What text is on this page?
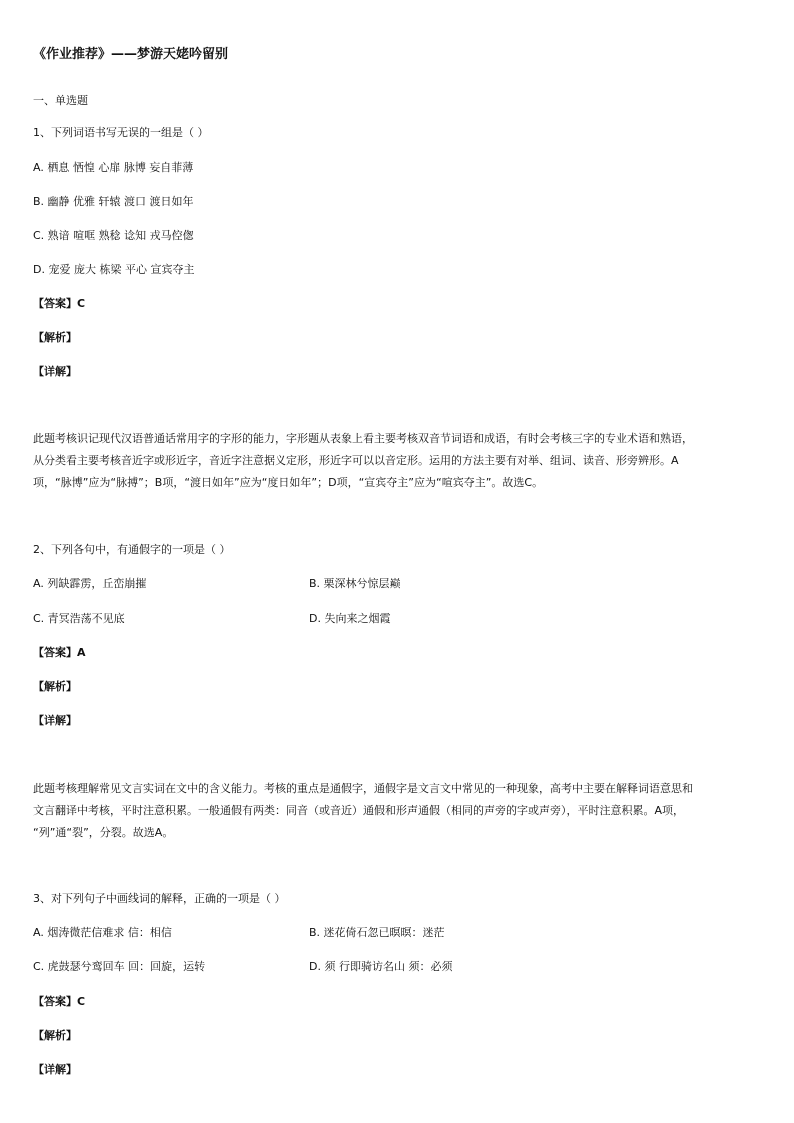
《作业推荐》——梦游天姥吟留别
一、单选题
1、下列词语书写无误的一组是（ ）
A. 栖息 恓惶 心扉 脉博 妄自菲薄
B. 幽静 优雅 轩辕 渡口 渡日如年
C. 熟谙 喧哐 熟稔 谂知 戎马倥偬
D. 宠爱 庞大 栋梁 平心 宣宾夺主
【答案】C
【解析】
【详解】

此题考核识记现代汉语普通话常用字的字形的能力，字形题从表象上看主要考核双音节词语和成语，有时会考核三字的专业术语和熟语，

从分类看主要考核音近字或形近字，音近字注意据义定形，形近字可以以音定形。运用的方法主要有对举、组词、读音、形旁辨形。A

项，“脉博”应为“脉搏”；B项，“渡日如年”应为“度日如年”；D项，“宣宾夺主”应为“喧宾夺主”。故选C。

2、下列各句中，有通假字的一项是（ ）
A. 列缺霹雳，丘峦崩摧	B. 栗深林兮惊层巅
C. 青冥浩荡不见底	D. 失向来之烟霞
【答案】A
【解析】
【详解】

此题考核理解常见文言实词在文中的含义能力。考核的重点是通假字，通假字是文言文中常见的一种现象，高考中主要在解释词语意思和

文言翻译中考核，平时注意积累。一般通假有两类：同音（或音近）通假和形声通假（相同的声旁的字或声旁），平时注意积累。A项，

“列”通“裂”，分裂。故选A。

3、对下列句子中画线词的解释，正确的一项是（ ）
A. 烟涛微茫信难求 信：相信	B. 迷花倚石忽已暝暝：迷茫
C. 虎鼓瑟兮鸾回车 回：回旋，运转	D. 须 行即骑访名山 须：必须
【答案】C
【解析】
【详解】
